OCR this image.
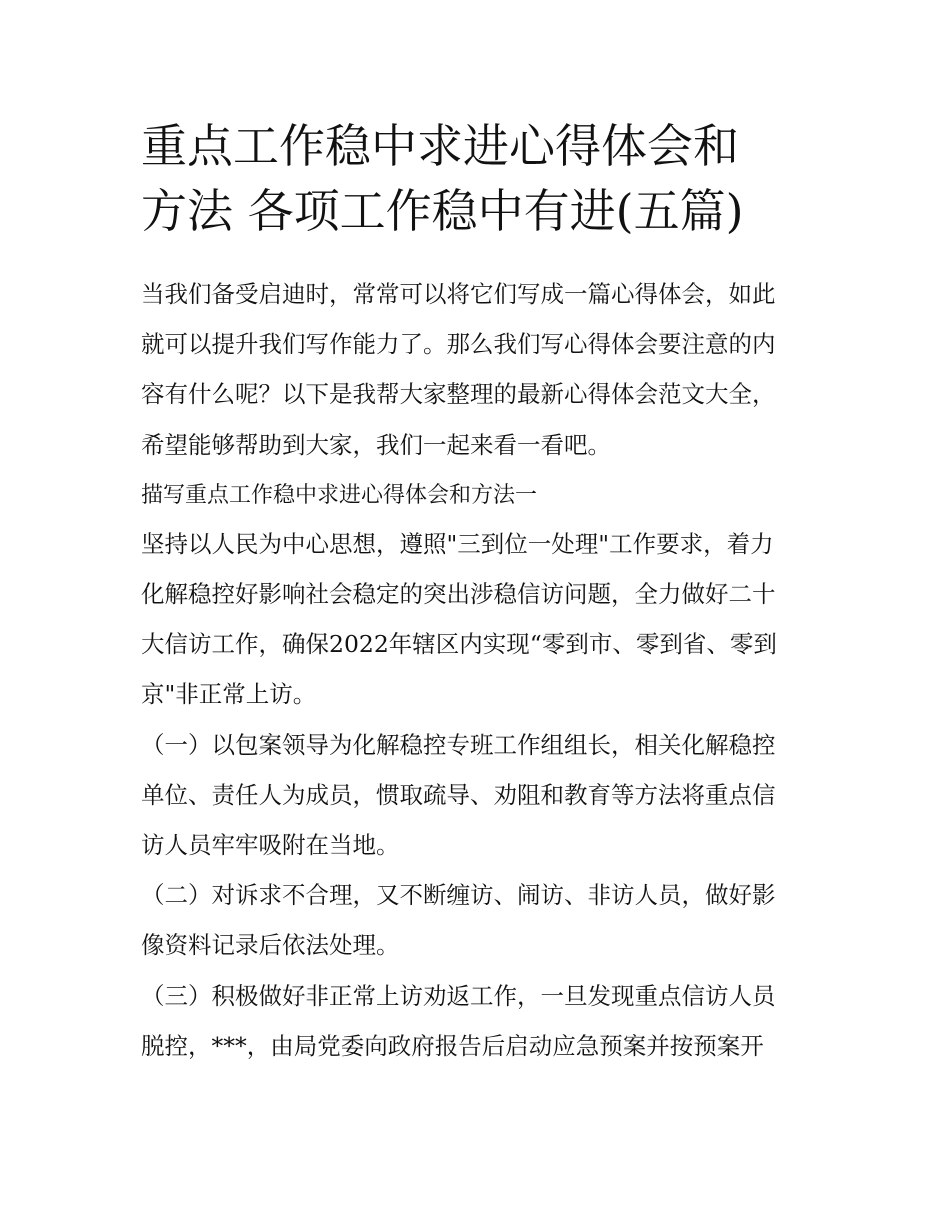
重点工作稳中求进心得体会和
方法 各项工作稳中有进(五篇)
当我们备受启迪时，常常可以将它们写成一篇心得体会，如此
就可以提升我们写作能力了。那么我们写心得体会要注意的内
容有什么呢？以下是我帮大家整理的最新心得体会范文大全，
希望能够帮助到大家，我们一起来看一看吧。
描写重点工作稳中求进心得体会和方法一
坚持以人民为中心思想，遵照"三到位一处理"工作要求，着力
化解稳控好影响社会稳定的突出涉稳信访问题，全力做好二十
大信访工作，确保2022年辖区内实现“零到市、零到省、零到
京"非正常上访。
（一）以包案领导为化解稳控专班工作组组长，相关化解稳控
单位、责任人为成员，惯取疏导、劝阻和教育等方法将重点信
访人员牢牢吸附在当地。
（二）对诉求不合理，又不断缠访、闹访、非访人员，做好影
像资料记录后依法处理。
（三）积极做好非正常上访劝返工作，一旦发现重点信访人员
脱控，***，由局党委向政府报告后启动应急预案并按预案开
